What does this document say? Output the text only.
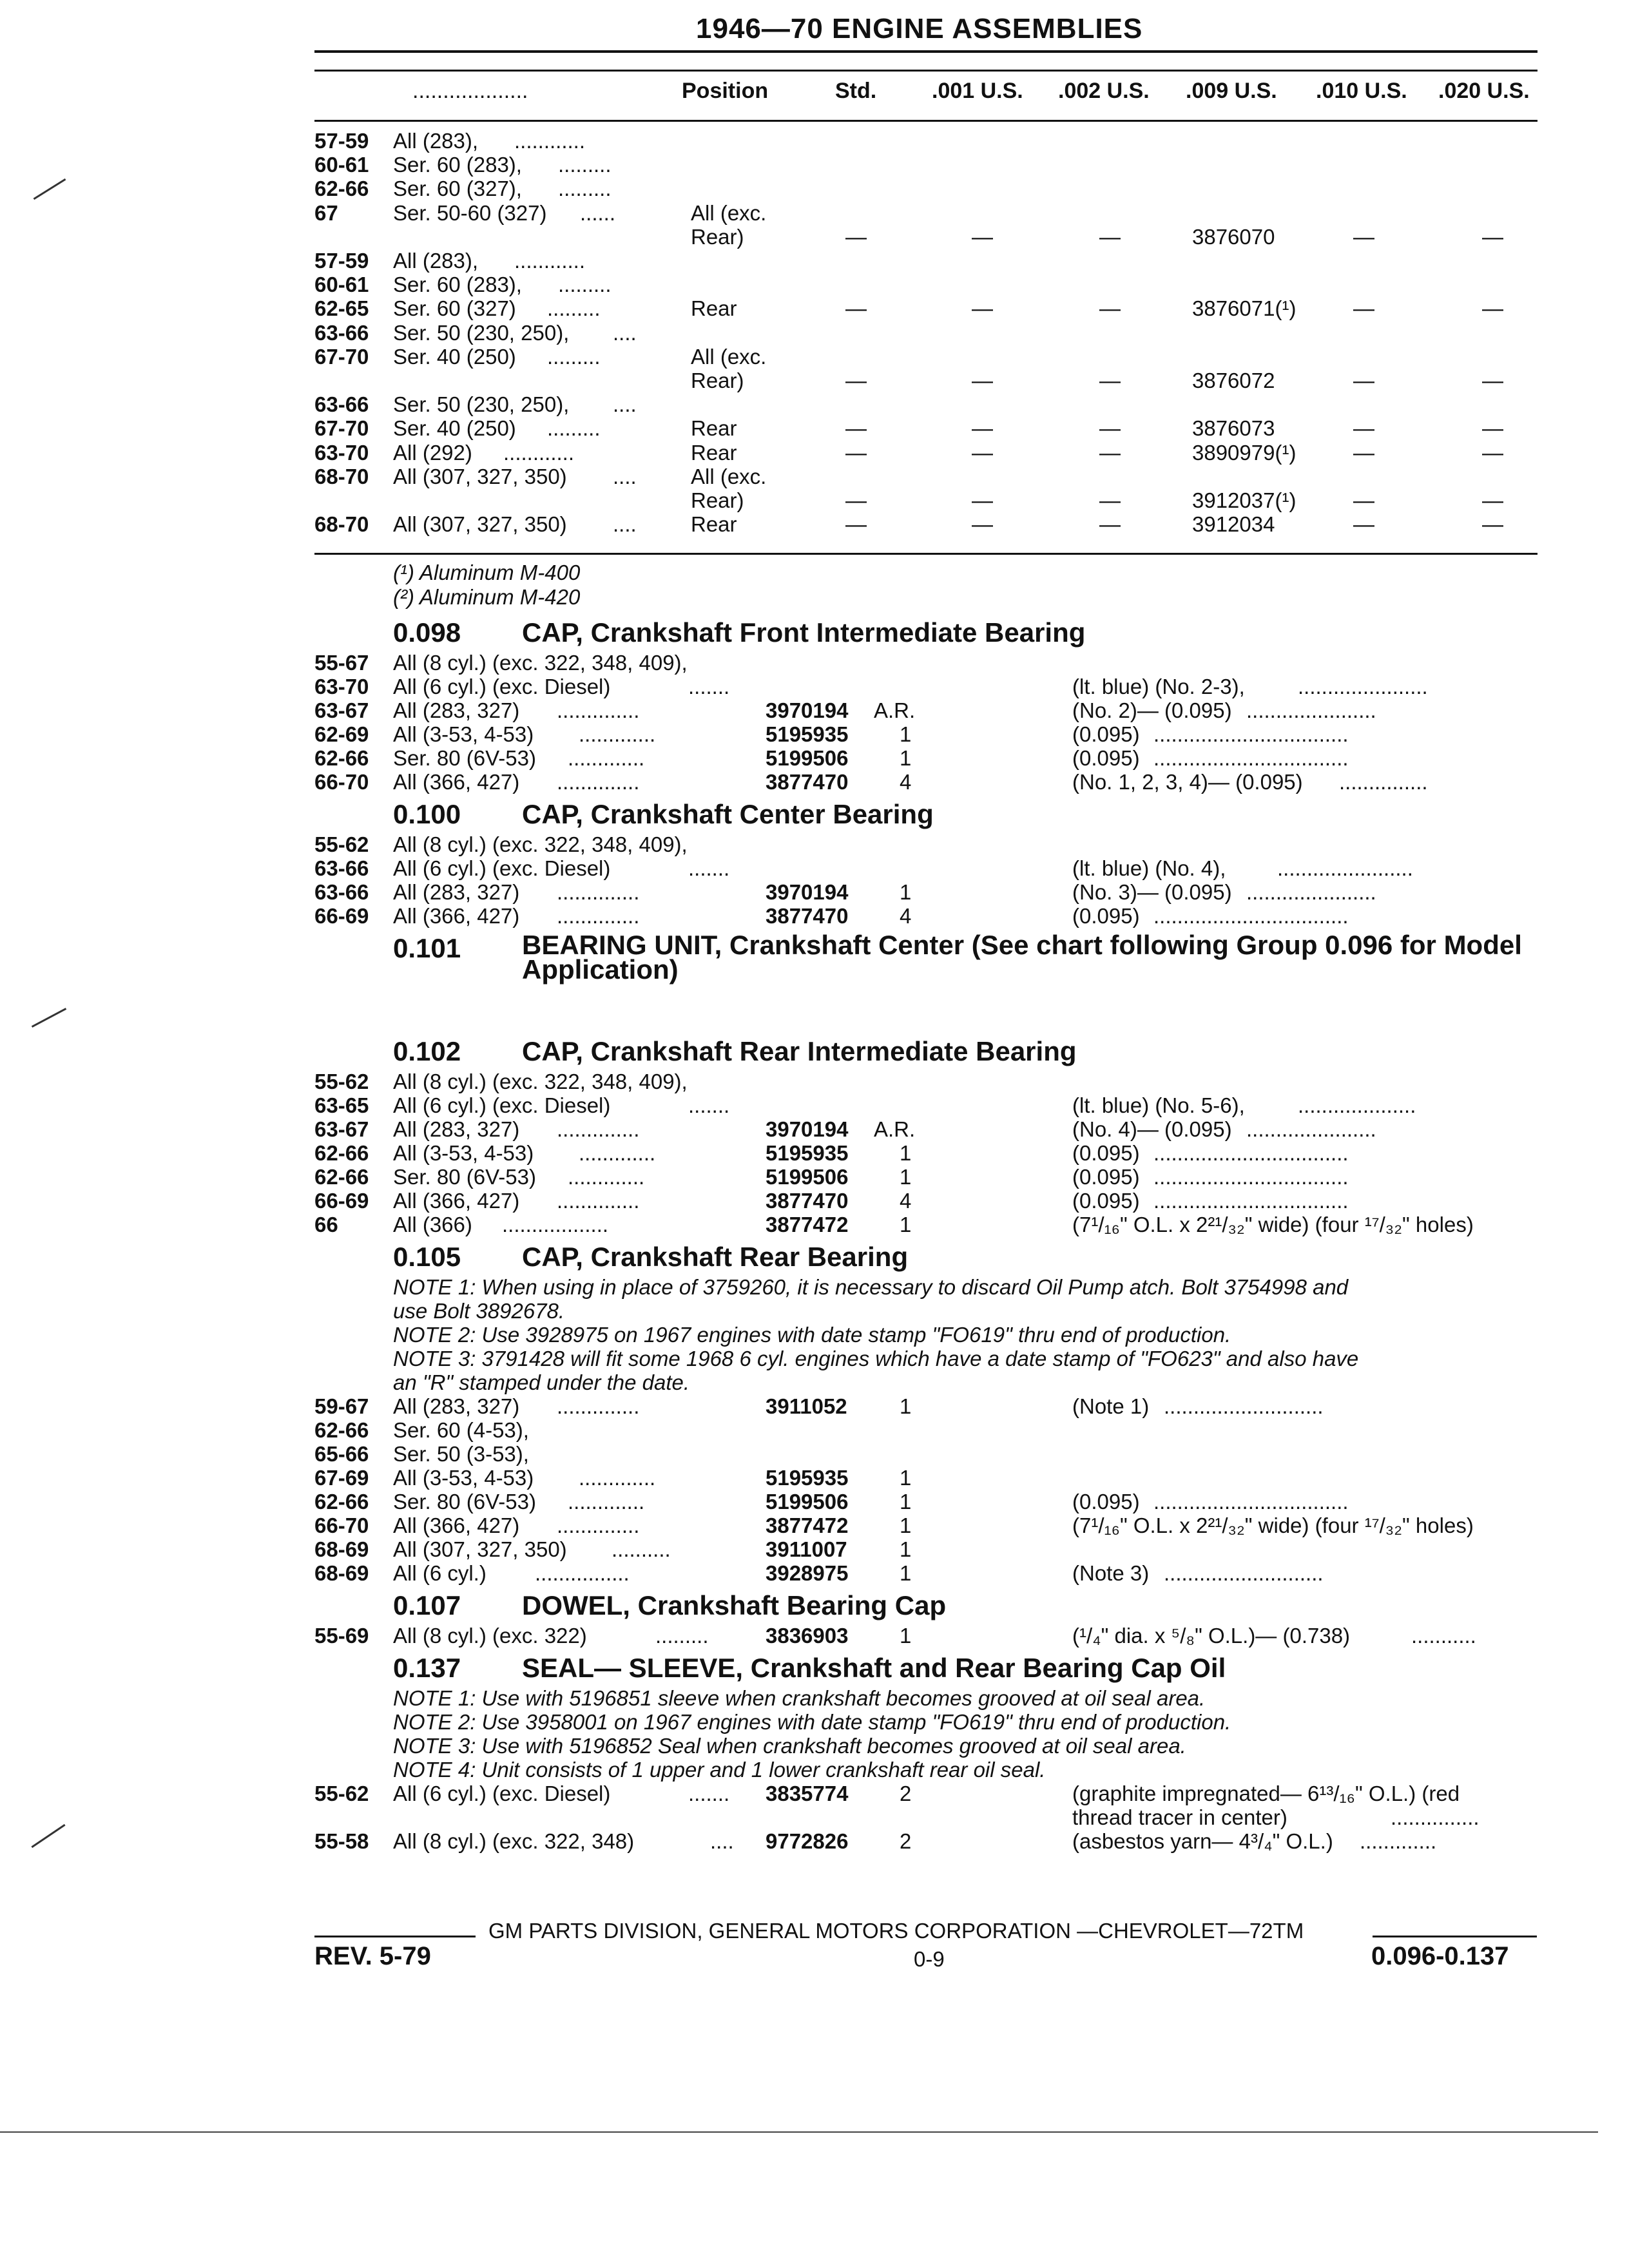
1946—70 ENGINE ASSEMBLIES
...................	Position	Std.	.001 U.S. .002 U.S. .009 U.S. .010 U.S. .020 U.S.
57-59 All (283), ............
60-61 Ser. 60 (283), .........
62-66 Ser. 60 (327), .........
67	Ser. 50-60 (327) ......	All (exc.
Rear)	—	—	—	3876070	—	—
57-59 All (283), ............
60-61 Ser. 60 (283), .........
62-65 Ser. 60 (327) .........	Rear	—	—	—	3876071(¹)	—	—
63-66 Ser. 50 (230, 250), ....
67-70 Ser. 40 (250) .........	All (exc.
Rear)	—	—	—	3876072	—	—
63-66 Ser. 50 (230, 250), ....
67-70 Ser. 40 (250) .........	Rear	—	—	—	3876073	—	—
63-70 All (292) ............	Rear	—	—	—	3890979(¹)	—	—
68-70 All (307, 327, 350) ....	All (exc.
Rear)	—	—	—	3912037(¹)	—	—
68-70 All (307, 327, 350) ....	Rear	—	—	—	3912034	—	—
(¹) Aluminum M-400
(²) Aluminum M-420
0.098 CAP, Crankshaft Front Intermediate Bearing
55-67 All (8 cyl.) (exc. 322, 348, 409),
63-70 All (6 cyl.) (exc. Diesel)	.......	(lt. blue) (No. 2-3), ......................
63-67 All (283, 327) ..............	3970194 A.R.	(No. 2)— (0.095) ......................
62-69 All (3-53, 4-53) .............	5195935 1	(0.095) .................................
62-66 Ser. 80 (6V-53) .............	5199506 1	(0.095) .................................
66-70 All (366, 427) ..............	3877470 4	(No. 1, 2, 3, 4)— (0.095) ...............
0.100 CAP, Crankshaft Center Bearing
55-62 All (8 cyl.) (exc. 322, 348, 409),
63-66 All (6 cyl.) (exc. Diesel)	.......	(lt. blue) (No. 4), .......................
63-66 All (283, 327) ..............	3970194 1	(No. 3)— (0.095) ......................
66-69 All (366, 427) ..............	3877470 4	(0.095) .................................
0.101 BEARING UNIT, Crankshaft Center (See chart following Group 0.096 for Model Application)
0.102 CAP, Crankshaft Rear Intermediate Bearing
55-62 All (8 cyl.) (exc. 322, 348, 409),
63-65 All (6 cyl.) (exc. Diesel)	.......	(lt. blue) (No. 5-6), ....................
63-67 All (283, 327) ..............	3970194 A.R.	(No. 4)— (0.095) ......................
62-66 All (3-53, 4-53) .............	5195935 1	(0.095) .................................
62-66 Ser. 80 (6V-53) .............	5199506 1	(0.095) .................................
66-69 All (366, 427) ..............	3877470 4	(0.095) .................................
66	All (366) ..................	3877472 1	(7¹/₁₆" O.L. x 2²¹/₃₂" wide) (four ¹⁷/₃₂" holes)
0.105 CAP, Crankshaft Rear Bearing
NOTE 1: When using in place of 3759260, it is necessary to discard Oil Pump atch. Bolt 3754998 and
use Bolt 3892678.
NOTE 2: Use 3928975 on 1967 engines with date stamp "FO619" thru end of production.
NOTE 3: 3791428 will fit some 1968 6 cyl. engines which have a date stamp of "FO623" and also have
an "R" stamped under the date.
59-67 All (283, 327) ..............	3911052 1	(Note 1) ...........................
62-66 Ser. 60 (4-53),
65-66 Ser. 50 (3-53),
67-69 All (3-53, 4-53) .............	5195935 1
62-66 Ser. 80 (6V-53) .............	5199506 1	(0.095) .................................
66-70 All (366, 427) ..............	3877472 1	(7¹/₁₆" O.L. x 2²¹/₃₂" wide) (four ¹⁷/₃₂" holes)
68-69 All (307, 327, 350) ..........	3911007 1
68-69 All (6 cyl.) ................	3928975 1	(Note 3) ...........................
0.107 DOWEL, Crankshaft Bearing Cap
55-69 All (8 cyl.) (exc. 322)	.........	3836903 1	(¹/₄" dia. x ⁵/₈" O.L.)— (0.738)	...........
0.137 SEAL— SLEEVE, Crankshaft and Rear Bearing Cap Oil
NOTE 1: Use with 5196851 sleeve when crankshaft becomes grooved at oil seal area.
NOTE 2: Use 3958001 on 1967 engines with date stamp "FO619" thru end of production.
NOTE 3: Use with 5196852 Seal when crankshaft becomes grooved at oil seal area.
NOTE 4: Unit consists of 1 upper and 1 lower crankshaft rear oil seal.
55-62 All (6 cyl.) (exc. Diesel)	....... 3835774 2	(graphite impregnated— 6¹³/₁₆" O.L.) (red
thread tracer in center)	...............
55-58 All (8 cyl.) (exc. 322, 348)	.... 9772826 2	(asbestos yarn— 4³/₄" O.L.) .............
GM PARTS DIVISION, GENERAL MOTORS CORPORATION —CHEVROLET—72TM
REV. 5-79	0-9	0.096-0.137
